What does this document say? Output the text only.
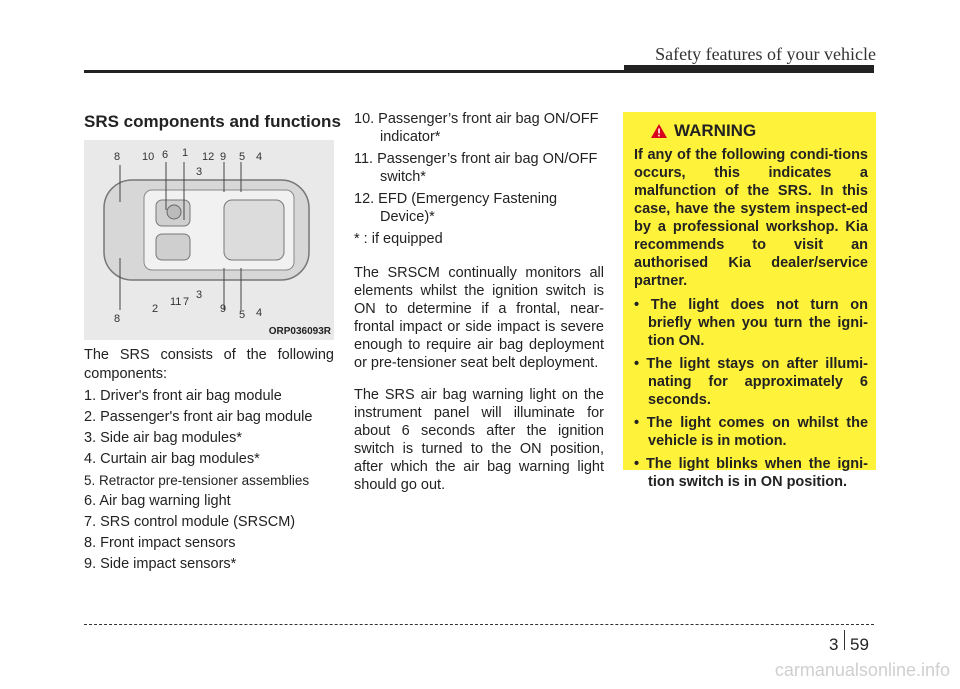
Safety features of your vehicle
SRS components and functions
8 10 6 1 12 9 5 4
3
8
2
11 7
3
9 5 4
ORP036093R

The SRS consists of the following components:

1. Driver's front air bag module
2. Passenger's front air bag module
3. Side air bag modules*
4. Curtain air bag modules*
5. Retractor pre-tensioner assemblies
6. Air bag warning light
7. SRS control module (SRSCM)
8. Front impact sensors
9. Side impact sensors*
10. Passenger’s front air bag ON/OFF indicator*
11. Passenger’s front air bag ON/OFF switch*
12. EFD (Emergency Fastening Device)*
* : if equipped

The SRSCM continually monitors all elements whilst the ignition switch is ON to determine if a frontal, near-frontal impact or side impact is severe enough to require air bag deployment or pre-tensioner seat belt deployment.

The SRS air bag warning light on the instrument panel will illuminate for about 6 seconds after the ignition switch is turned to the ON position, after which the air bag warning light should go out.

WARNING

If any of the following condi-tions occurs, this indicates a malfunction of the SRS. In this case, have the system inspect-ed by a professional workshop. Kia recommends to visit an authorised Kia dealer/service partner.

• The light does not turn on briefly when you turn the igni-tion ON.
• The light stays on after illumi-nating for approximately 6 seconds.
• The light comes on whilst the vehicle is in motion.
• The light blinks when the igni-tion switch is in ON position.
3 59
carmanualsonline.info
